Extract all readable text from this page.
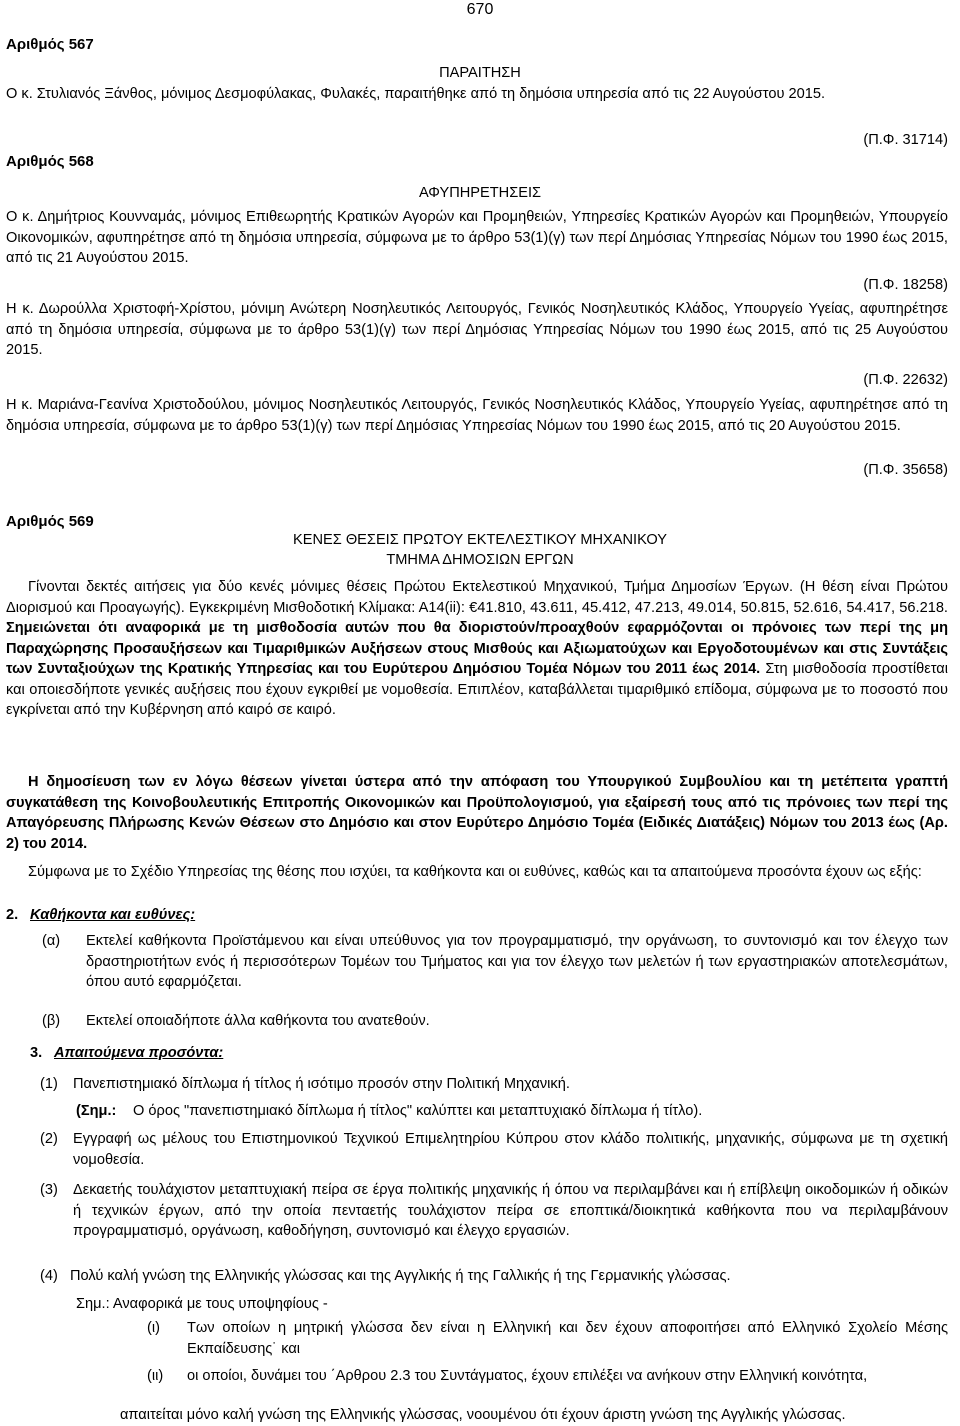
670
Αριθμός 567
ΠΑΡΑΙΤΗΣΗ
Ο κ. Στυλιανός Ξάνθος, μόνιμος Δεσμοφύλακας, Φυλακές, παραιτήθηκε από τη δημόσια υπηρεσία από τις 22 Αυγούστου 2015.
(Π.Φ. 31714)
Αριθμός 568
ΑΦΥΠΗΡΕΤΗΣΕΙΣ
Ο κ. Δημήτριος Κουνναμάς, μόνιμος Επιθεωρητής Κρατικών Αγορών και Προμηθειών, Υπηρεσίες Κρατικών Αγορών και Προμηθειών, Υπουργείο Οικονομικών, αφυπηρέτησε από τη δημόσια υπηρεσία, σύμφωνα με το άρθρο 53(1)(γ) των περί Δημόσιας Υπηρεσίας Νόμων του 1990 έως 2015, από τις 21 Αυγούστου 2015.
(Π.Φ. 18258)
Η κ. Δωρούλλα Χριστοφή-Χρίστου, μόνιμη Ανώτερη Νοσηλευτικός Λειτουργός, Γενικός Νοσηλευτικός Κλάδος, Υπουργείο Υγείας, αφυπηρέτησε από τη δημόσια υπηρεσία, σύμφωνα με το άρθρο 53(1)(γ) των περί Δημόσιας Υπηρεσίας Νόμων του 1990 έως 2015, από τις 25 Αυγούστου 2015.
(Π.Φ. 22632)
Η κ. Μαριάνα-Γεανίνα Χριστοδούλου, μόνιμος Νοσηλευτικός Λειτουργός, Γενικός Νοσηλευτικός Κλάδος, Υπουργείο Υγείας, αφυπηρέτησε από τη δημόσια υπηρεσία, σύμφωνα με το άρθρο 53(1)(γ) των περί Δημόσιας Υπηρεσίας Νόμων του 1990 έως 2015, από τις 20 Αυγούστου 2015.
(Π.Φ. 35658)
Αριθμός 569
ΚΕΝΕΣ ΘΕΣΕΙΣ ΠΡΩΤΟΥ ΕΚΤΕΛΕΣΤΙΚΟΥ ΜΗΧΑΝΙΚΟΥ
ΤΜΗΜΑ ΔΗΜΟΣΙΩΝ ΕΡΓΩΝ
Γίνονται δεκτές αιτήσεις για δύο κενές μόνιμες θέσεις Πρώτου Εκτελεστικού Μηχανικού, Τμήμα Δημοσίων Έργων. (Η θέση είναι Πρώτου Διορισμού και Προαγωγής). Εγκεκριμένη Μισθοδοτική Κλίμακα: Α14(ii): €41.810, 43.611, 45.412, 47.213, 49.014, 50.815, 52.616, 54.417, 56.218. Σημειώνεται ότι αναφορικά με τη μισθοδοσία αυτών που θα διοριστούν/προαχθούν εφαρμόζονται οι πρόνοιες των περί της μη Παραχώρησης Προσαυξήσεων και Τιμαριθμικών Αυξήσεων στους Μισθούς και Αξιωματούχων και Εργοδοτουμένων και στις Συντάξεις των Συνταξιούχων της Κρατικής Υπηρεσίας και του Ευρύτερου Δημόσιου Τομέα Νόμων του 2011 έως 2014. Στη μισθοδοσία προστίθεται και οποιεσδήποτε γενικές αυξήσεις που έχουν εγκριθεί με νομοθεσία. Επιπλέον, καταβάλλεται τιμαριθμικό επίδομα, σύμφωνα με το ποσοστό που εγκρίνεται από την Κυβέρνηση από καιρό σε καιρό.
Η δημοσίευση των εν λόγω θέσεων γίνεται ύστερα από την απόφαση του Υπουργικού Συμβουλίου και τη μετέπειτα γραπτή συγκατάθεση της Κοινοβουλευτικής Επιτροπής Οικονομικών και Προϋπολογισμού, για εξαίρεσή τους από τις πρόνοιες των περί της Απαγόρευσης Πλήρωσης Κενών Θέσεων στο Δημόσιο και στον Ευρύτερο Δημόσιο Τομέα (Ειδικές Διατάξεις) Νόμων του 2013 έως (Αρ. 2) του 2014.
Σύμφωνα με το Σχέδιο Υπηρεσίας της θέσης που ισχύει, τα καθήκοντα και οι ευθύνες, καθώς και τα απαιτούμενα προσόντα έχουν ως εξής:
2. Καθήκοντα και ευθύνες:
(α) Εκτελεί καθήκοντα Προϊστάμενου και είναι υπεύθυνος για τον προγραμματισμό, την οργάνωση, το συντονισμό και τον έλεγχο των δραστηριοτήτων ενός ή περισσότερων Τομέων του Τμήματος και για τον έλεγχο των μελετών ή των εργαστηριακών αποτελεσμάτων, όπου αυτό εφαρμόζεται.
(β) Εκτελεί οποιαδήποτε άλλα καθήκοντα του ανατεθούν.
3. Απαιτούμενα προσόντα:
(1) Πανεπιστημιακό δίπλωμα ή τίτλος ή ισότιμο προσόν στην Πολιτική Μηχανική.
(Σημ.: Ο όρος "πανεπιστημιακό δίπλωμα ή τίτλος" καλύπτει και μεταπτυχιακό δίπλωμα ή τίτλο).
(2) Εγγραφή ως μέλους του Επιστημονικού Τεχνικού Επιμελητηρίου Κύπρου στον κλάδο πολιτικής, μηχανικής, σύμφωνα με τη σχετική νομοθεσία.
(3) Δεκαετής τουλάχιστον μεταπτυχιακή πείρα σε έργα πολιτικής μηχανικής ή όπου να περιλαμβάνει και ή επίβλεψη οικοδομικών ή οδικών ή τεχνικών έργων, από την οποία πενταετής τουλάχιστον πείρα σε εποπτικά/διοικητικά καθήκοντα που να περιλαμβάνουν προγραμματισμό, οργάνωση, καθοδήγηση, συντονισμό και έλεγχο εργασιών.
(4) Πολύ καλή γνώση της Ελληνικής γλώσσας και της Αγγλικής ή της Γαλλικής ή της Γερμανικής γλώσσας.
Σημ.: Αναφορικά με τους υποψηφίους -
(ι) Των οποίων η μητρική γλώσσα δεν είναι η Ελληνική και δεν έχουν αποφοιτήσει από Ελληνικό Σχολείο Μέσης Εκπαίδευσης˙ και
(ιι) οι οποίοι, δυνάμει του ΄Αρθρου 2.3 του Συντάγματος, έχουν επιλέξει να ανήκουν στην Ελληνική κοινότητα,
απαιτείται μόνο καλή γνώση της Ελληνικής γλώσσας, νοουμένου ότι έχουν άριστη γνώση της Αγγλικής γλώσσας.
